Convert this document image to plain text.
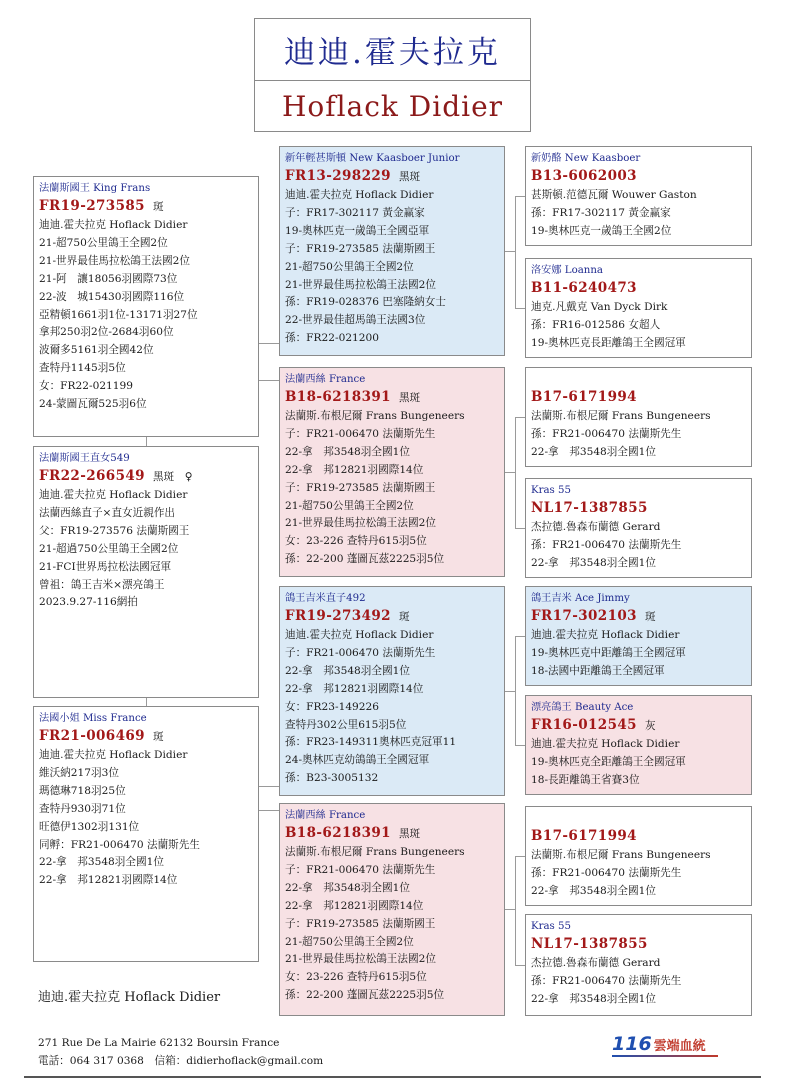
迪迪.霍夫拉克
Hoflack Didier
法蘭斯國王 King Frans
FR19-273585 斑
迪迪.霍夫拉克 Hoflack Didier
21-超750公里鴿王全國2位
21-世界最佳馬拉松鴿王法國2位
21-阿　讓18056羽國際73位
22-波　城15430羽國際116位
亞精頓1661羽1位-13171羽27位
拿邦250羽2位-2684羽60位
波爾多5161羽全國42位
查特丹1145羽5位
女：FR22-021199
24-蒙圖瓦爾525羽6位
法蘭斯國王直女549
FR22-266549 黑斑　♀
迪迪.霍夫拉克 Hoflack Didier
法蘭西絲直子×直女近親作出
父：FR19-273576 法蘭斯國王
21-超過750公里鴿王全國2位
21-FCI世界馬拉松法國冠軍
曾祖：鴿王吉米×漂亮鴿王
2023.9.27-116網拍
法國小姐 Miss France
FR21-006469 斑
迪迪.霍夫拉克 Hoflack Didier
維沃納217羽3位
瑪德琳718羽25位
查特丹930羽71位
旺德伊1302羽131位
同孵：FR21-006470 法蘭斯先生
22-拿　邦3548羽全國1位
22-拿　邦12821羽國際14位
新年輕甚斯頓 New Kaasboer Junior
FR13-298229 黑斑
迪迪.霍夫拉克 Hoflack Didier
子：FR17-302117 黃金赢家
19-奧林匹克一歲鴿王全國亞軍
子：FR19-273585 法蘭斯國王
21-超750公里鴿王全國2位
21-世界最佳馬拉松鴿王法國2位
孫：FR19-028376 巴塞隆納女士
22-世界最佳超馬鴿王法國3位
孫：FR22-021200
法蘭西絲 France
B18-6218391 黑斑
法蘭斯.布根尼爾 Frans Bungeneers
子：FR21-006470 法蘭斯先生
22-拿　邦3548羽全國1位
22-拿　邦12821羽國際14位
子：FR19-273585 法蘭斯國王
21-超750公里鴿王全國2位
21-世界最佳馬拉松鴿王法國2位
女：23-226 查特丹615羽5位
孫：22-200 蓬圖瓦茲2225羽5位
鴿王吉米直子492
FR19-273492 斑
迪迪.霍夫拉克 Hoflack Didier
子：FR21-006470 法蘭斯先生
22-拿　邦3548羽全國1位
22-拿　邦12821羽國際14位
女：FR23-149226
查特丹302公里615羽5位
孫：FR23-149311奧林匹克冠軍11
24-奧林匹克幼鴿鴿王全國冠軍
孫：B23-3005132
法蘭西絲 France
B18-6218391 黑斑
法蘭斯.布根尼爾 Frans Bungeneers
子：FR21-006470 法蘭斯先生
22-拿　邦3548羽全國1位
22-拿　邦12821羽國際14位
子：FR19-273585 法蘭斯國王
21-超750公里鴿王全國2位
21-世界最佳馬拉松鴿王法國2位
女：23-226 查特丹615羽5位
孫：22-200 蓬圖瓦茲2225羽5位
新奶酪 New Kaasboer
B13-6062003
甚斯頓.范德瓦爾 Wouwer Gaston
孫：FR17-302117 黃金赢家
19-奧林匹克一歲鴿王全國2位
洛安娜 Loanna
B11-6240473
迪克.凡戴克 Van Dyck Dirk
孫：FR16-012586 女超人
19-奧林匹克長距離鴿王全國冠軍

B17-6171994
法蘭斯.布根尼爾 Frans Bungeneers
孫：FR21-006470 法蘭斯先生
22-拿　邦3548羽全國1位
Kras 55
NL17-1387855
杰拉德.魯森布蘭德 Gerard
孫：FR21-006470 法蘭斯先生
22-拿　邦3548羽全國1位
鴿王吉米 Ace Jimmy
FR17-302103 斑
迪迪.霍夫拉克 Hoflack Didier
19-奧林匹克中距離鴿王全國冠軍
18-法國中距離鴿王全國冠軍
漂亮鴿王 Beauty Ace
FR16-012545 灰
迪迪.霍夫拉克 Hoflack Didier
19-奧林匹克全距離鴿王全國冠軍
18-長距離鴿王省賽3位

B17-6171994
法蘭斯.布根尼爾 Frans Bungeneers
孫：FR21-006470 法蘭斯先生
22-拿　邦3548羽全國1位
Kras 55
NL17-1387855
杰拉德.魯森布蘭德 Gerard
孫：FR21-006470 法蘭斯先生
22-拿　邦3548羽全國1位
迪迪.霍夫拉克 Hoflack Didier
271 Rue De La Mairie 62132 Boursin France
電話：064 317 0368　信箱：didierhoflack@gmail.com
116 雲端血統
